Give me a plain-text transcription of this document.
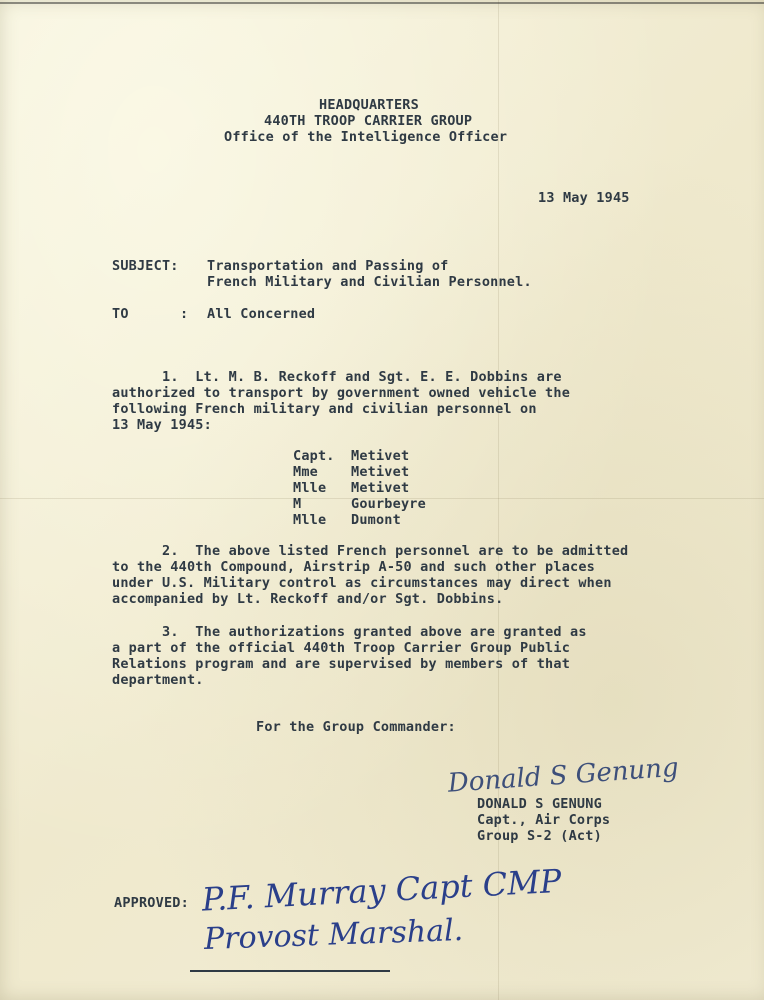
HEADQUARTERS
440TH TROOP CARRIER GROUP
Office of the Intelligence Officer
13 May 1945
SUBJECT: Transportation and Passing of
French Military and Civilian Personnel.
TO	: All Concerned
1.  Lt. M. B. Reckoff and Sgt. E. E. Dobbins are
authorized to transport by government owned vehicle the
following French military and civilian personnel on
13 May 1945:
Capt. Metivet
Mme Metivet
Mlle Metivet
M	Gourbeyre
Mlle Dumont
2.  The above listed French personnel are to be admitted
to the 440th Compound, Airstrip A-50 and such other places
under U.S. Military control as circumstances may direct when
accompanied by Lt. Reckoff and/or Sgt. Dobbins.
3.  The authorizations granted above are granted as
a part of the official 440th Troop Carrier Group Public
Relations program and are supervised by members of that
department.
For the Group Commander:
Donald S Genung
DONALD S GENUNG
Capt., Air Corps
Group S-2 (Act)
APPROVED: P.F. Murray Capt CMP
Provost Marshal.
